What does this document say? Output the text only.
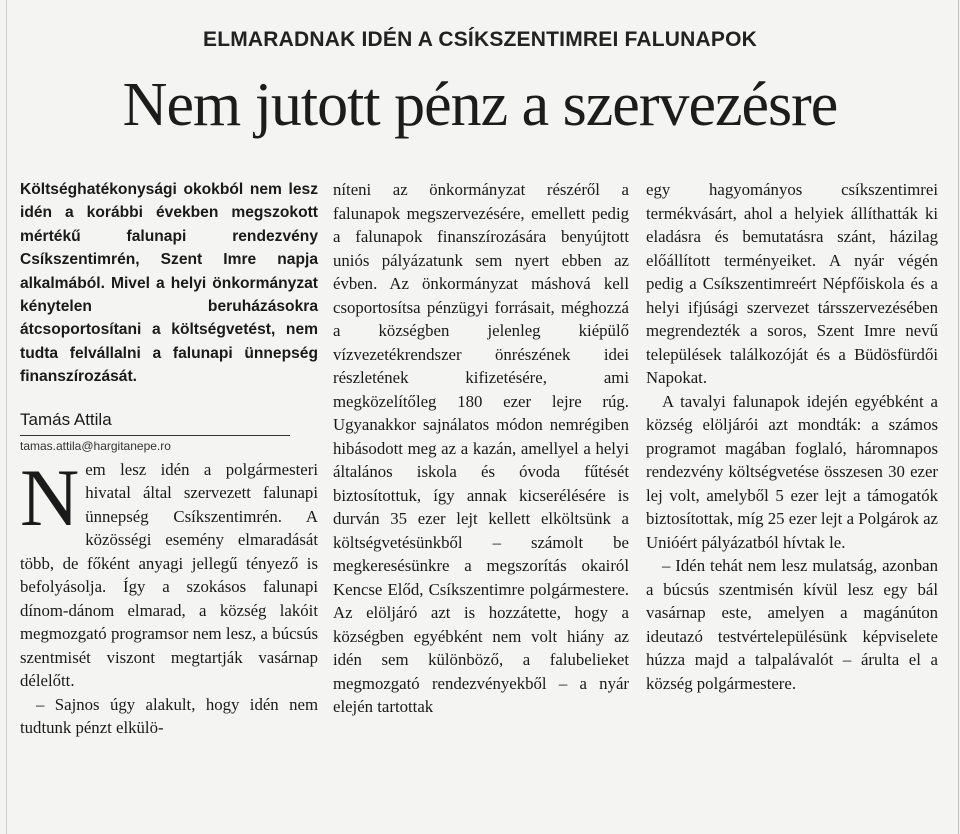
ELMARADNAK IDÉN A CSÍKSZENTIMREI FALUNAPOK
Nem jutott pénz a szervezésre

Költséghatékonysági okokból nem lesz idén a korábbi években megszokott mértékű falunapi rendezvény Csíkszentimrén, Szent Imre napja alkalmából. Mivel a helyi önkormányzat kénytelen beruházásokra átcsoportosítani a költségvetést, nem tudta felvállalni a falunapi ünnepség finanszírozását.

Tamás Attila
tamas.attila@hargitanepe.ro

Nem lesz idén a polgármesteri hivatal által szervezett falunapi ünnepség Csíkszentimrén. A közösségi esemény elmaradását több, de főként anyagi jellegű tényező is befolyásolja. Így a szokásos falunapi dínom-dánom elmarad, a község lakóit megmozgató programsor nem lesz, a búcsús szentmisét viszont megtartják vasárnap délelőtt.

– Sajnos úgy alakult, hogy idén nem tudtunk pénzt elkülö-

níteni az önkormányzat részéről a falunapok megszervezésére, emellett pedig a falunapok finanszírozására benyújtott uniós pályázatunk sem nyert ebben az évben. Az önkormányzat máshová kell csoportosítsa pénzügyi forrásait, méghozzá a községben jelenleg kiépülő vízvezetékrendszer önrészének idei részletének kifizetésére, ami megközelítőleg 180 ezer lejre rúg. Ugyanakkor sajnálatos módon nemrégiben hibásodott meg az a kazán, amellyel a helyi általános iskola és óvoda fűtését biztosítottuk, így annak kicserélésére is durván 35 ezer lejt kellett elköltsünk a költségvetésünkből – számolt be megkeresésünkre a megszorítás okairól Kencse Előd, Csíkszentimre polgármestere. Az elöljáró azt is hozzátette, hogy a községben egyébként nem volt hiány az idén sem különböző, a falubelieket megmozgató rendezvényekből – a nyár elején tartottak

egy hagyományos csíkszentimrei termékvásárt, ahol a helyiek állíthatták ki eladásra és bemutatásra szánt, házilag előállított terményeiket. A nyár végén pedig a Csíkszentimreért Népfőiskola és a helyi ifjúsági szervezet társszervezésében megrendezték a soros, Szent Imre nevű települések találkozóját és a Büdösfürdői Napokat.

A tavalyi falunapok idején egyébként a község elöljárói azt mondták: a számos programot magában foglaló, háromnapos rendezvény költségvetése összesen 30 ezer lej volt, amelyből 5 ezer lejt a támogatók biztosítottak, míg 25 ezer lejt a Polgárok az Unióért pályázatból hívtak le.

– Idén tehát nem lesz mulatság, azonban a búcsús szentmisén kívül lesz egy bál vasárnap este, amelyen a magánúton ideutazó testvértelepülésünk képviselete húzza majd a talpalávalót – árulta el a község polgármestere.
